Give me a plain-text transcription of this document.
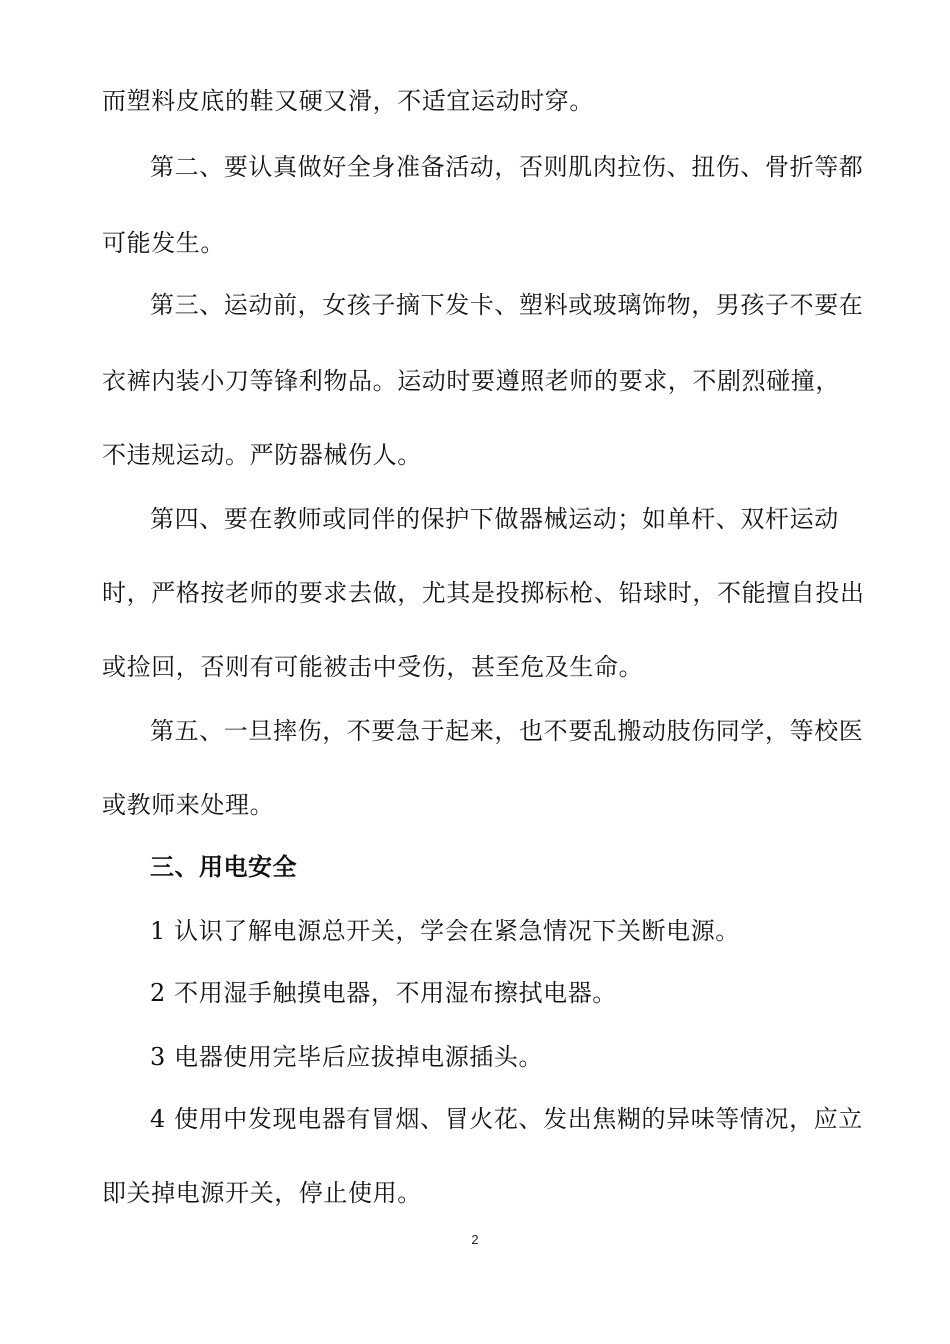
而塑料皮底的鞋又硬又滑，不适宜运动时穿。
第二、要认真做好全身准备活动，否则肌肉拉伤、扭伤、骨折等都
可能发生。
第三、运动前，女孩子摘下发卡、塑料或玻璃饰物，男孩子不要在
衣裤内装小刀等锋利物品。运动时要遵照老师的要求，不剧烈碰撞，
不违规运动。严防器械伤人。
第四、要在教师或同伴的保护下做器械运动；如单杆、双杆运动
时，严格按老师的要求去做，尤其是投掷标枪、铅球时，不能擅自投出
或捡回，否则有可能被击中受伤，甚至危及生命。
第五、一旦摔伤，不要急于起来，也不要乱搬动肢伤同学，等校医
或教师来处理。
三、用电安全
1 认识了解电源总开关，学会在紧急情况下关断电源。
2 不用湿手触摸电器，不用湿布擦拭电器。
3 电器使用完毕后应拔掉电源插头。
4 使用中发现电器有冒烟、冒火花、发出焦糊的异味等情况，应立
即关掉电源开关，停止使用。
2
